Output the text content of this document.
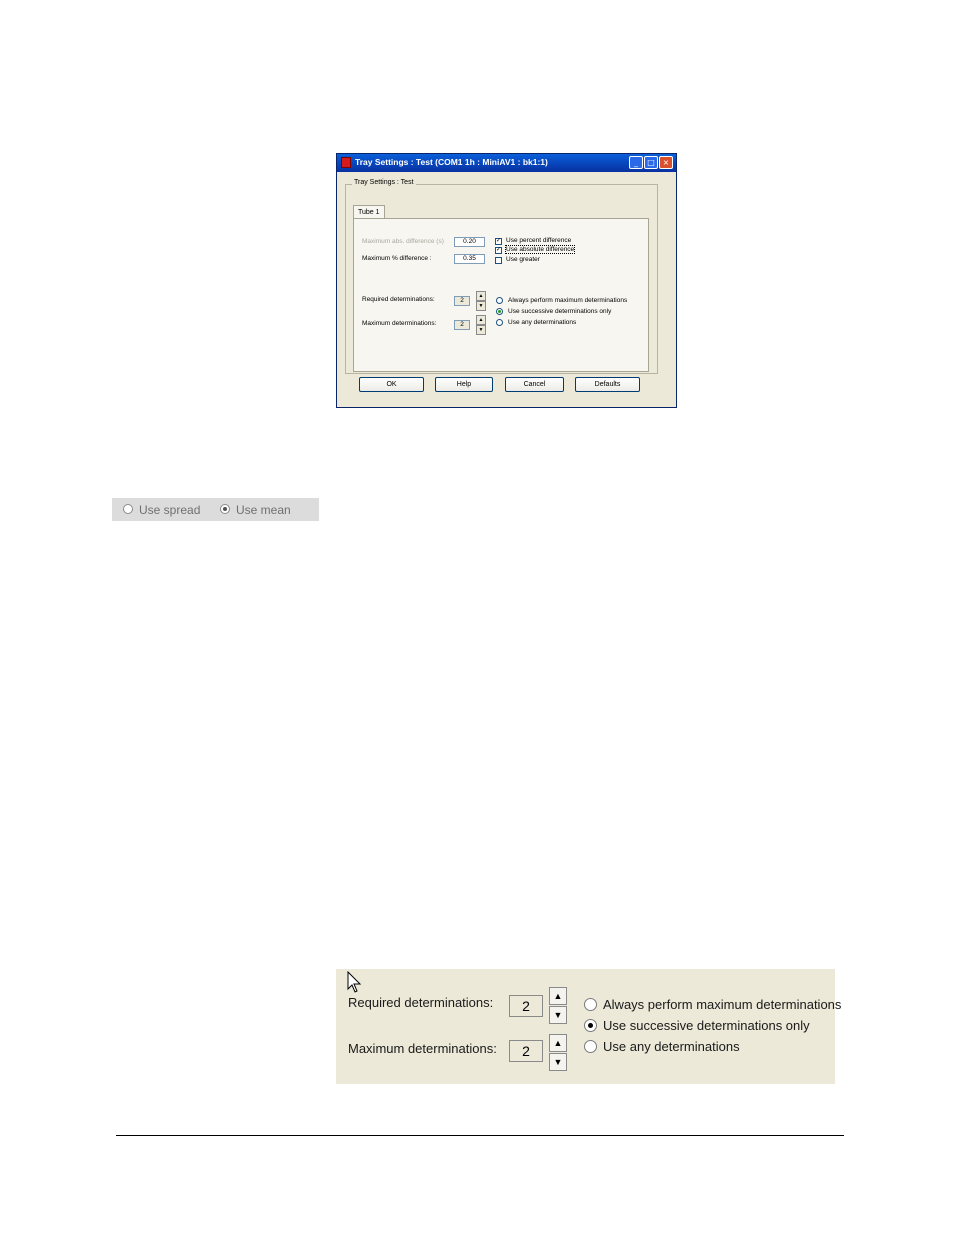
Tray Settings : Test (COM1 1h : MiniAV1 : bk1:1)	_	□ ×
Tray Settings : Test
Tube 1
Maximum abs. difference (s)	0.20
Maximum % difference :	0.35
✓ Use percent difference
✓ Use absolute difference
Use greater
Required determinations:	2
▲
▼
Maximum determinations:	2
▲
▼
Always perform maximum determinations
Use successive determinations only
Use any determinations
OK	Help	Cancel	Defaults
Use spread	Use mean
Required determinations:	2
▲
▼
Maximum determinations:	2	▲
▼
Always perform maximum determinations
Use successive determinations only
Use any determinations
